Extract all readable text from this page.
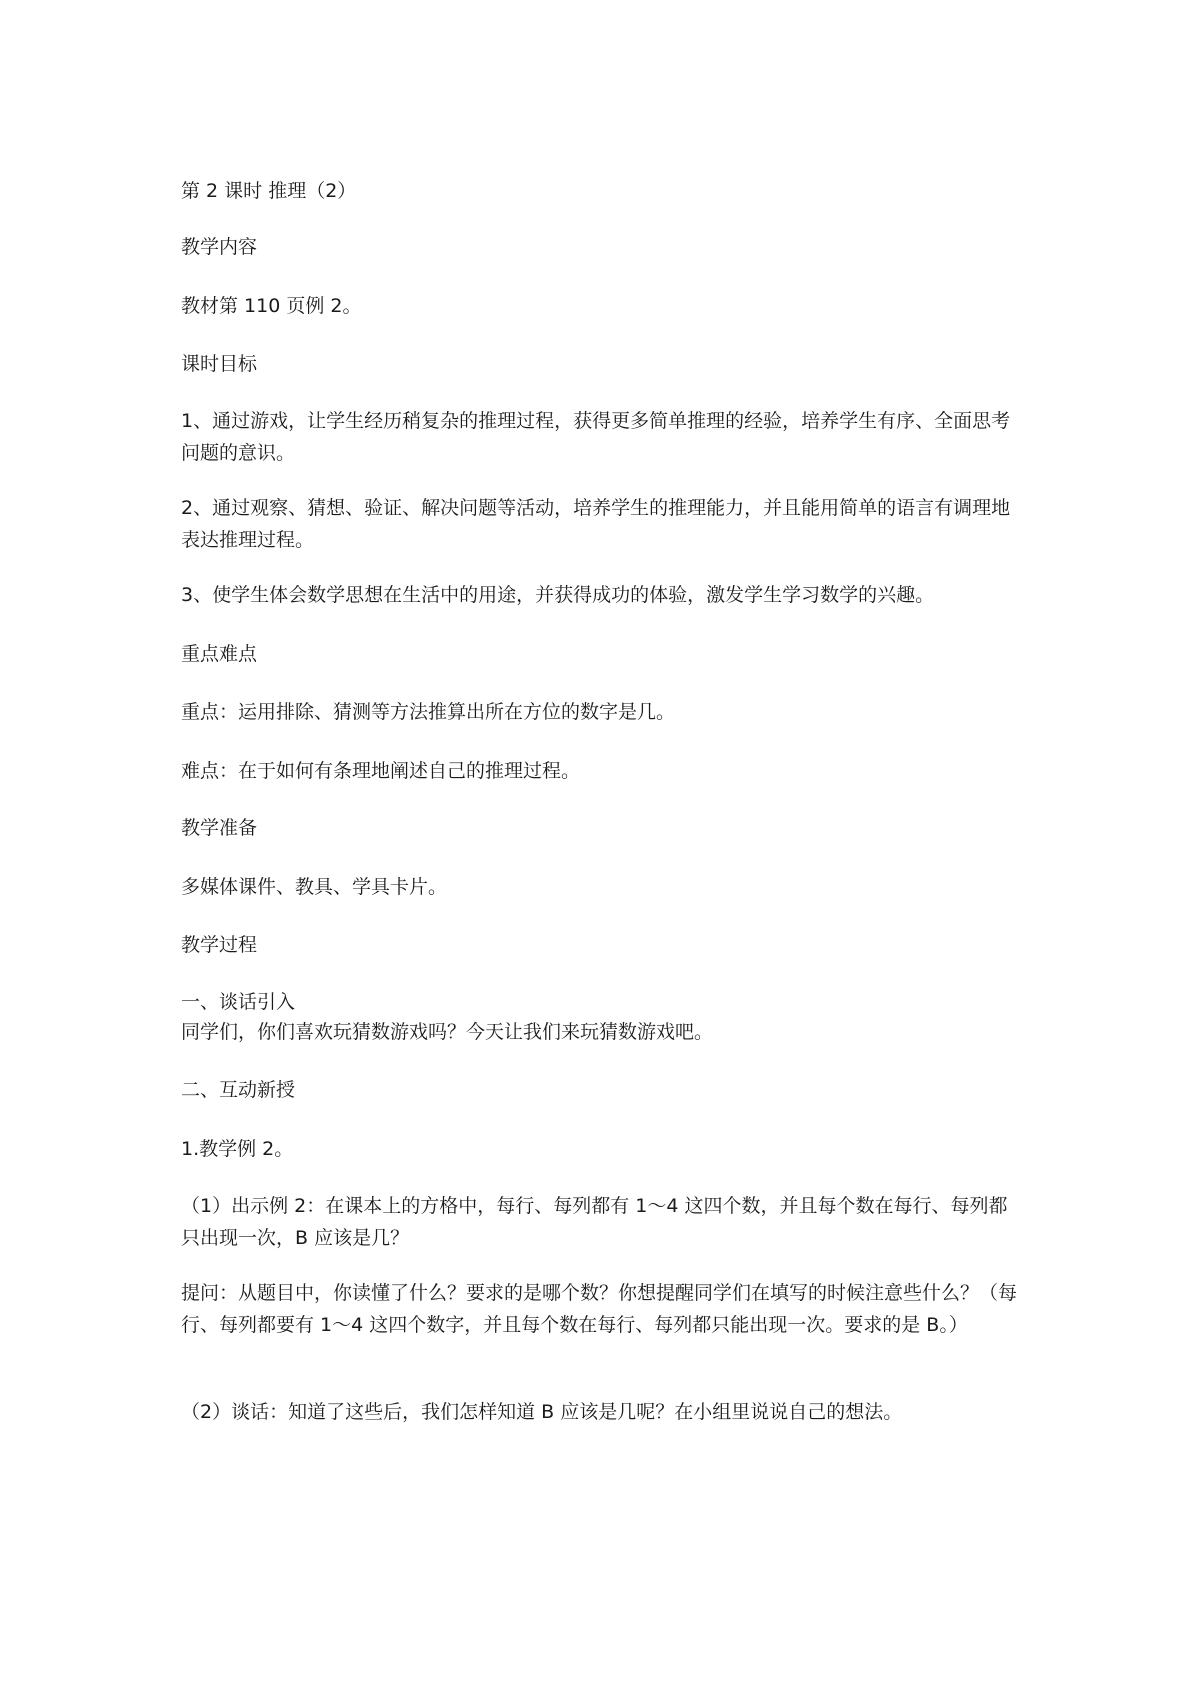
第 2 课时 推理（2）

教学内容

教材第 110 页例 2。

课时目标

1、通过游戏，让学生经历稍复杂的推理过程，获得更多简单推理的经验，培养学生有序、全面思考问题的意识。

2、通过观察、猜想、验证、解决问题等活动，培养学生的推理能力，并且能用简单的语言有调理地表达推理过程。

3、使学生体会数学思想在生活中的用途，并获得成功的体验，激发学生学习数学的兴趣。

重点难点

重点：运用排除、猜测等方法推算出所在方位的数字是几。

难点：在于如何有条理地阐述自己的推理过程。

教学准备

多媒体课件、教具、学具卡片。

教学过程

一、谈话引入

同学们，你们喜欢玩猜数游戏吗？今天让我们来玩猜数游戏吧。

二、互动新授

1.教学例 2。

（1）出示例 2：在课本上的方格中，每行、每列都有 1～4 这四个数，并且每个数在每行、每列都只出现一次，B 应该是几？

提问：从题目中，你读懂了什么？要求的是哪个数？你想提醒同学们在填写的时候注意些什么？（每行、每列都要有 1～4 这四个数字，并且每个数在每行、每列都只能出现一次。要求的是 B。）

（2）谈话：知道了这些后，我们怎样知道 B 应该是几呢？在小组里说说自己的想法。
